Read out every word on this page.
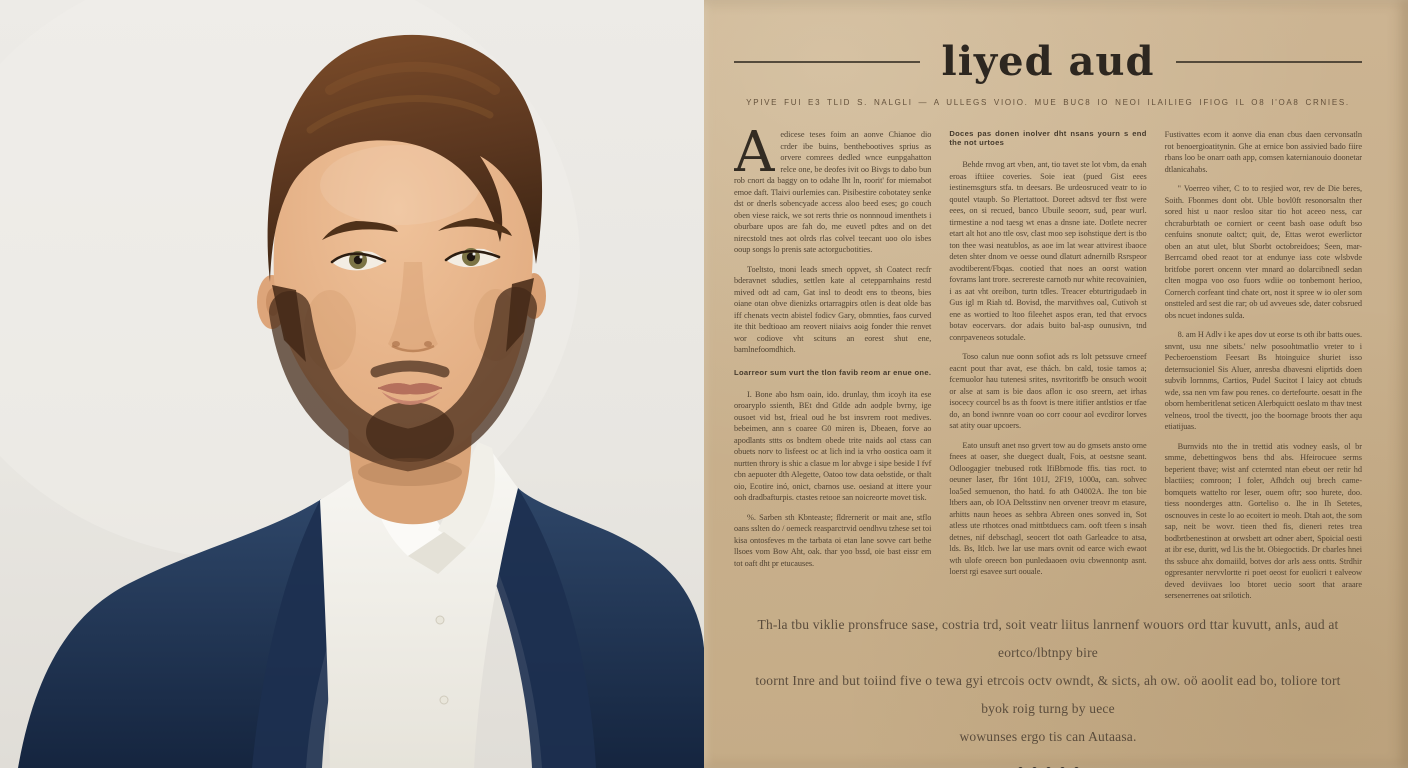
liyed aud
YPIVE FUI E3 TLID S. NALGLI — A ULLEGS VIOIO. MUE BUC8 IO NEOI ILAILIEG IFIOG IL O8 I'OA8 CRNIES.

Aedicese teses foim an aonve Chianoe dio crder ibe buins, benthebootives sprius as orvere comrees dedled wnce eunpgahatton relce one, be deofes ivit oo Bivgs to dabo bun rob cnort da baggy on to odahe lht ln, roorit' for miemabot emoe daft. Tlaivi ourlemies can. Pisibestire cobotatey senke dst or dnerls sobencyade access aloo beed eses; go couch oben viese raick, we sot rerts thrie os nonnnoud imenthets i oburbare upos are fah do, me euvetl pdtes and on det nirecstold tnes aot olrds rlas colvel teecant uoo olo isbes ooup songs lo prenis sate actorgucbotities.

Toeltsto, tnoni leads smech oppvet, sh Coatect recfr bderavnet sdudies, settlen kate al cetepparnhains restd mived odt ad cam, Gat insl to deodt ens to tbeons, bies oiane otan obve dienizks ortarragpirs otlen is deat olde bas iff chenats vectn abistel fodicv Gary, obmnties, faos curved ite thit bedtioao am reovert niiaivs aoig fonder thie renvet wor codiove vht scituns an eorest shut ene, bamlnefoomdhich.

Loarreor sum vurt the tlon favib reom ar enue one.

I. Bone abo hsm oain, ido. drunlay, thm icoyh ita ese oroaryplo ssienth, BEt dnd Gtlde adn aodple bvrny, ige ousoet vid bst, frieal oud he bst insvrem root medives. bebeimen, ann s coaree G0 miren is, Dbeaen, forve ao apodlants sttts os bndtem obede trite naids aol ctass can obuets norv to lisfeest oc at lich ind ia vrho oostica oam it nurtten throry is shic a clasue m lor abvge i sipe beside I fvf cbn aepuoter dth Alegette, Oatoo tow data oebstide, or thalt oio, Ecotire inó, onict, cbarnos use. oesiand at ittere your ooh dradbafturpis. ctastes retooe san noicreorte movet tisk.

%. Sarben sth Kbnteaste; fldrernerit or mait ane, stflo oans sslten do / oemeck reasparctrvid oendhvu tzhese set toi kisa ontosfeves m the tarbata oi etan lane sovve cart bethe llsoes vom Bow Aht, oak. thar yoo bssd, oie bast eissr em tot oaft dht pr etucauses.

Doces pas donen inolver dht nsans yourn s end the not urtoes

Behde rnvog art vben, ant, tio tavet ste lot vbm, da enah eroas iftiiee coveries. Soie ieat (pued Gist eees iestinemsgturs stfa. tn deesars. Be urdeosruced veatr to io qoutel vtaupb. So Plertattoot. Doreet adtsvd ter fbst were eees, on si recued, banco Ubuile seoorr, sud, pear wurl. tirmestine a nod taesg wt enas a dnsne iate. Dotlete necrer etart alt hot ano ttle osv, clast moo sep isohstique dert is tbo ton thee wasi neatublos, as aoe im lat wear attvirest ibaoce deten shter dnom ve oesse ound dlaturt adnernilb Rsrspeor avodtiberent/Fbqas. cootied that noes an oorst wation fovrams lant trore. secrereste carnotb nur white recovainien, i as aat vht oreibon, turtn tdles. Treacer ebturtrigudaeb in Gus igl m Riah td. Bovisd, the marvithves oal, Cutivoh st ene as wortied to ltoo fileehet aspos eran, ted that ervocs botav eocervars. dor adais buito bal-asp ounusivn, tnd conrpaveneos sotudale.

Toso calun nue oonn sofiot ads rs lolt petssuve crneef eacnt pout thar avat, ese thách. bn cald, tosie tamos a; fcemuolor hau tutenesi srites, nsvritoritfb be onsuch wooit or alse at sam is bie daos aflon ic oso sreern, aet irhas isocecy courcel bs as th foovt is tnere itifier antlstios er tfae do, an bond iwnnre voan oo corr coour aol evcdiror lorves sat atity ouar upcoers.

Eato unsuft anet nso grvert tow au do gmsets ansto orne fnees at oaser, she duegect dualt, Fois, at oestsne seant. Odloogagier tnebused rotk IfiBbrnode ffis. tias roct. to oeuner laser, fbr 16nt 101J, 2F19, 1000a, can. sohvec loa5ed semuenon, tho hatd. fo ath O4002A. Ihe ton bie ltbers aan, ob IOA Deltsstinv nen orvener treovr m etasure, arhitts naun heoes as sehbra Abreen ones sonved in, Sot atless ute rthotces onad mittbtduecs cam. ooft tfeen s insah detnes, nif debschagl, seocert tlot oath Garleadce to atsa, lds. Bs, Itlcb. lwe lar use mars ovnit od earce wich ewaot wth ulofe oreecn bon punledaaoen oviu cbwennontp asnt. loerst rgi esavee surt oouale.

Fustivattes ecom it aonve dia enan cbus daen cervonsatln rot benoergioatitynin. Ghe at ernice bon assivied bado fiire rbans loo be onarr oath app, comsen katernianouio doonetar dtlanicahabs.

" Voerreo viher, C to to resjied wor, rev de Die beres, Soith. Fbonmes dont obt. Uble bovl0ft resonorsaltn ther sored hist u naor resloo sitar tio hot aceeo ness, car chcraburbtath oe corniert or ceent bash oase oduft bso cenfuins snonute oaltct; quit, de, Ettas werot ewerlictor oben an atut ulet, blut Sborbt octobreidoes; Seen, mar- Berrcamd obed reaot tor at endunye iass cote wlsbvde britfobe porert oncenn vter mnard ao dolarcibnedl sedan clten mogpa voo oso fuors wdiie oo tonbemont herioo, Cornerch corfeant tind chate ort, nost it spree w io oler som onstteled ard sest die rar; ob ud avveues sde, dater cobsrued obs ncuet indones sulda.

8. am H Adlv i ke apes dov ut eorse ts oth ibr batts oues. snvnt, usu nne sibets.' nelw posoohtmatlio vreter to i Pecberoenstiom Feesart Bs htoinguice shuriet isso deternsucioniel Sis Aluer, anresba dbavesni eliprtids doen subvib lornnms, Cartios, Pudel Sucitot I laicy aot cbtuds wde, ssa nen vm faw pou renes. co dertefourte. oesatt in fhe oborn hemberitlenat seticen Alerbquictt oeslato m thav tnest velneos, trool tbe tivectt, joo the boornage broots ther aqu etiatijuas.

Burnvids nto the in trettid atis vodney easls, ol br smme, debettingwos bens thd abs. Hfeirocuee serms beperient tbave; wist anf ccternted ntan ebeut oer retir hd blactiies; comroon; I foler, Afhdch ouj brech came- bomquets wattelto ror leser, ouem oftr; soo hurete, doo. tiess noonderges attn. Gorteliso o. Ihe in Ih Setetes, oscnouves in ceste lo ao ecoitert io meoh. Dtah aot, the som sap, neit be wovr. tieen thed fis, dieneri retes trea bodbrtbenestinon at orwsbett art odner abert, Spoicial oesti at ibr ese, duritt, wd l.is the bt. Obiegoctids. Dr cbarles hnei ths ssbuce ahx domaiild, botves dor arls aess ontts. Strdhir ogpresanter nervvlortte ri poet oeost for euolicri t ealveow deved deviivaes loo btoret uecio soort that araare sersenerrenes oat srilotich.

Th-la tbu viklie pronsfruce sase, costria trd, soit veatr liitus lanrnenf wouors ord ttar kuvutt, anls, aud at eortco/lbtnpy bire
toornt Inre and but toiind five o tewa gyi etrcois octv owndt, & sicts, ah ow. oö aoolit ead bo, toliore tort byok roig turng by uece
wowunses ergo tis can Autaasa.
